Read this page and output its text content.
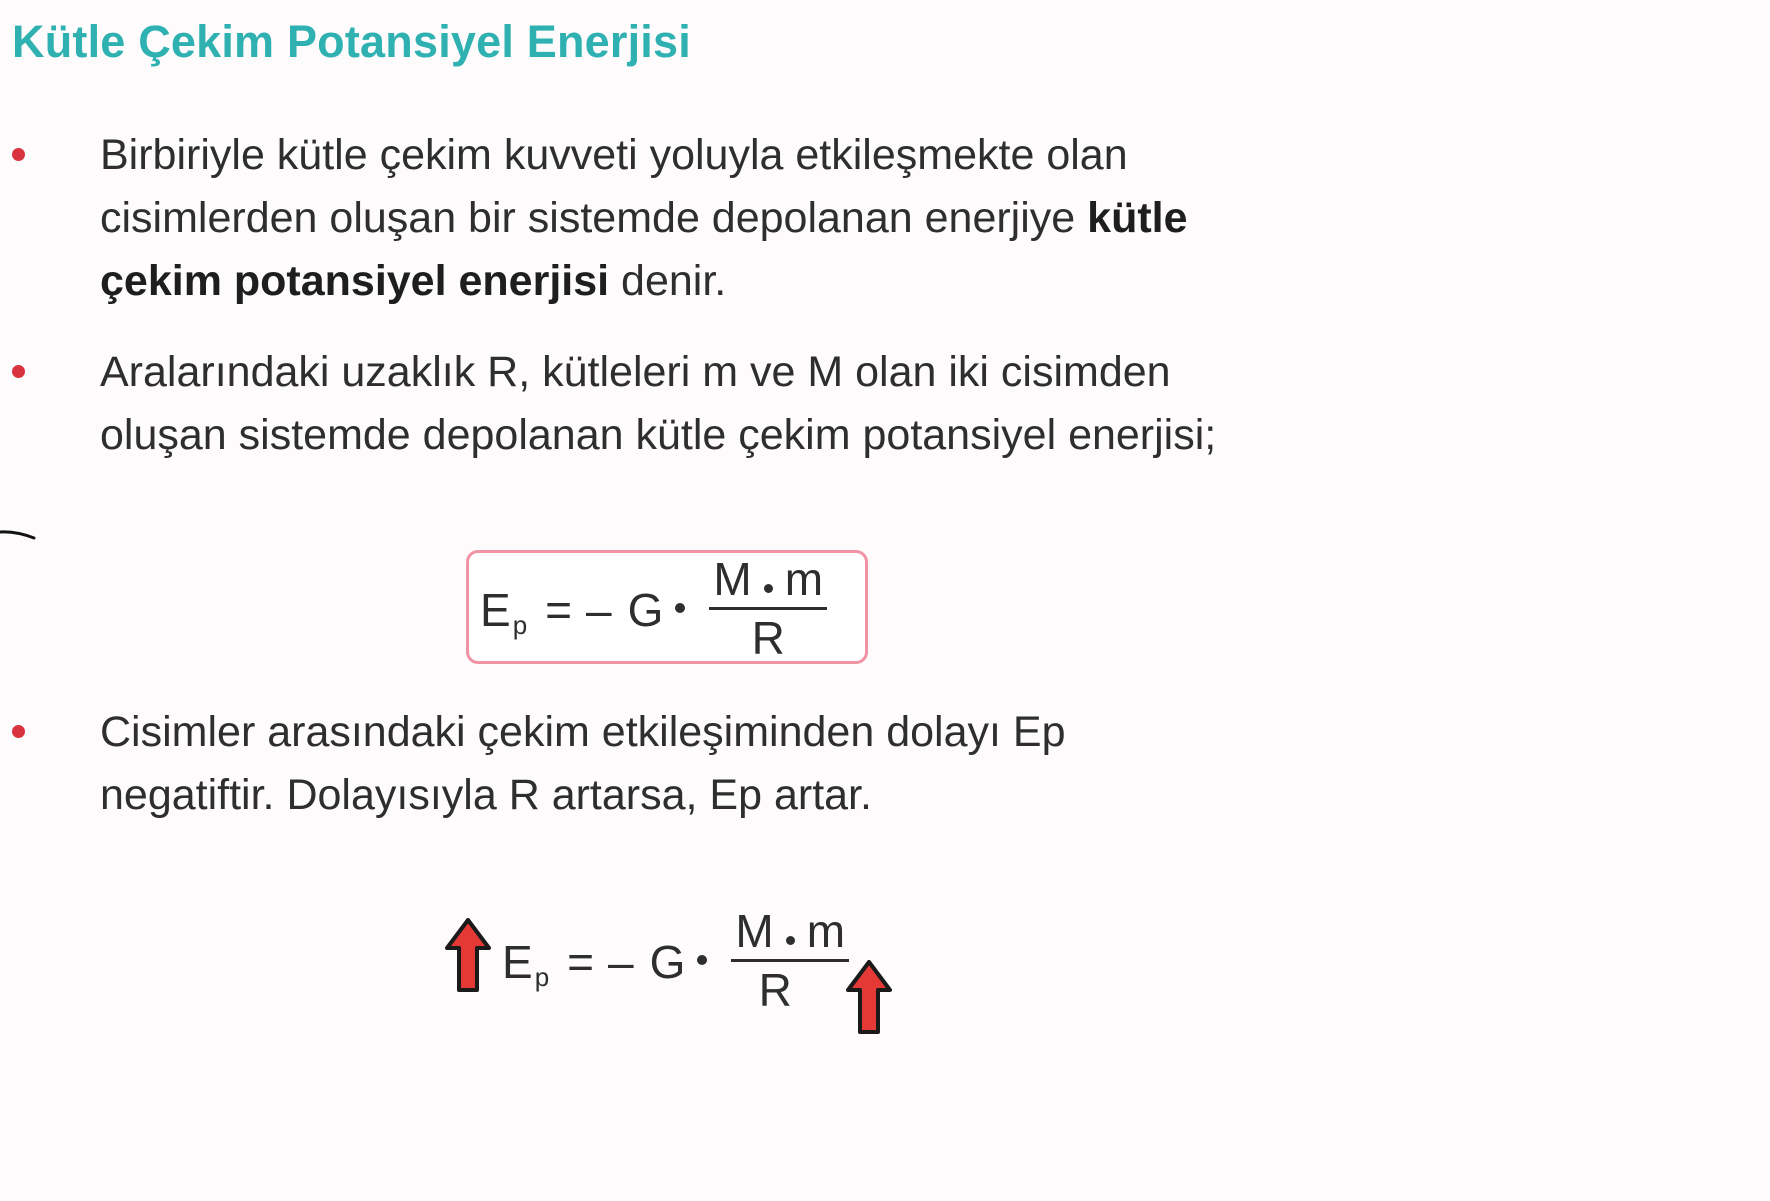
Kütle Çekim Potansiyel Enerjisi
Birbiriyle kütle çekim kuvveti yoluyla etkileşmekte olan
cisimlerden oluşan bir sistemde depolanan enerjiye kütle
çekim potansiyel enerjisi denir.
Aralarındaki uzaklık R, kütleleri m ve M olan iki cisimden
oluşan sistemde depolanan kütle çekim potansiyel enerjisi;
E p = – G $\frac{\text{M m}}{R}$
Cisimler arasındaki çekim etkileşiminden dolayı Ep
negatiftir. Dolayısıyla R artarsa, Ep artar.
E p = – G $\frac{\text{M m}}{R}$
